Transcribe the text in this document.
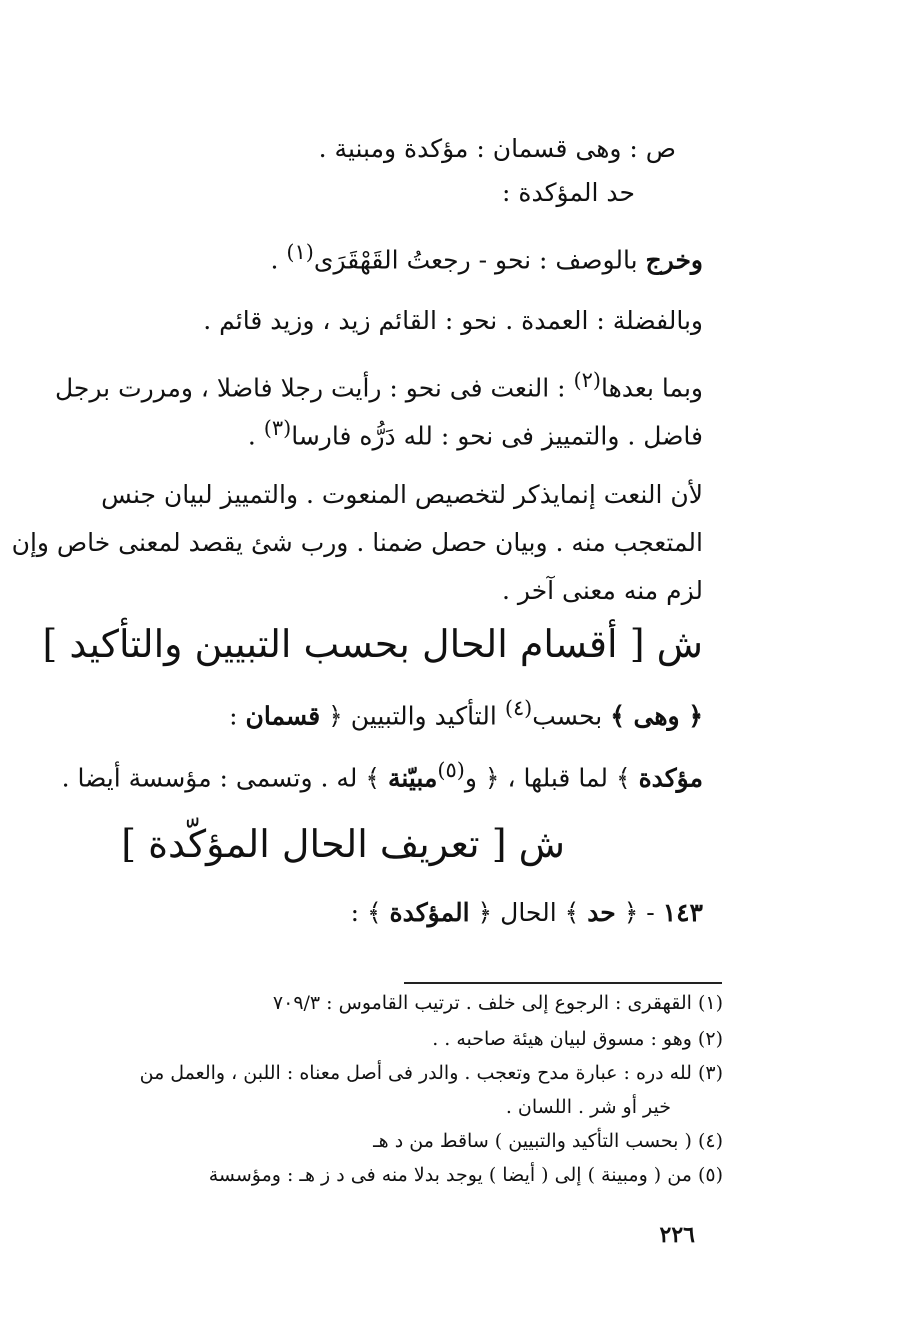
ص : وهى قسمان : مؤكدة ومبنية .
حد المؤكدة :
وخرج بالوصف : نحو - رجعتُ القَهْقَرَى$^{(١)}$ .
وبالفضلة : العمدة . نحو : القائم زيد ، وزيد قائم .
وبما بعدها$^{(٢)}$ : النعت فى نحو : رأيت رجلا فاضلا ، ومررت برجل
فاضل . والتمييز فى نحو : لله دَرُّه فارسا$^{(٣)}$ .
لأن النعت إنمايذكر لتخصيص المنعوت . والتمييز لبيان جنس
المتعجب منه . وبيان حصل ضمنا . ورب شئ يقصد لمعنى خاص وإن
لزم منه معنى آخر .
ش [ أقسام الحال بحسب التبيين والتأكيد ]
﴿ وهى ﴾ بحسب$^{(٤)}$ التأكيد والتبيين ﴿ قسمان :
مؤكدة ﴾ لما قبلها ، ﴿ و$^{(٥)}$مبيّنة ﴾ له . وتسمى : مؤسسة أيضا .
ش [ تعريف الحال المؤكّدة ]
١٤٣ - ﴿ حد ﴾ الحال ﴿ المؤكدة ﴾ :
(١) القهقرى : الرجوع إلى خلف . ترتيب القاموس : ٧٠٩/٣
(٢) وهو : مسوق لبيان هيئة صاحبه . .
(٣) لله دره : عبارة مدح وتعجب . والدر فى أصل معناه : اللبن ، والعمل من
خير أو شر . اللسان .
(٤) ( بحسب التأكيد والتبيين ) ساقط من د هـ
(٥) من ( ومبينة ) إلى ( أيضا ) يوجد بدلا منه فى د ز هـ : ومؤسسة
٢٢٦
